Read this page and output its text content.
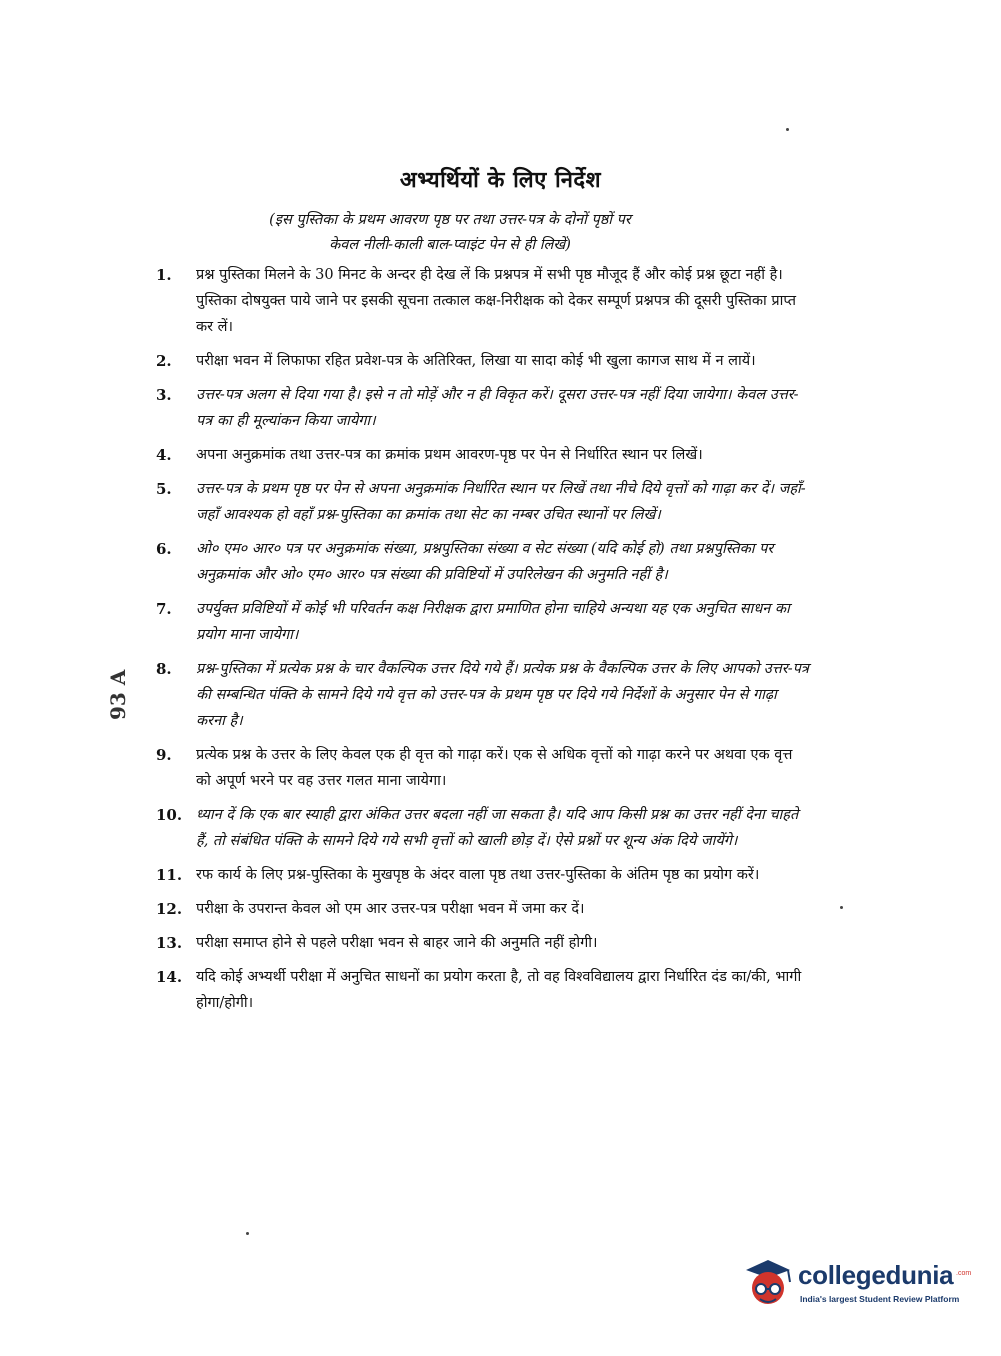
अभ्यर्थियों के लिए निर्देश
(इस पुस्तिका के प्रथम आवरण पृष्ठ पर तथा उत्तर-पत्र के दोनों पृष्ठों पर
केवल नीली-काली बाल-प्वाइंट पेन से ही लिखें)
93 A
1.	प्रश्न पुस्तिका मिलने के 30 मिनट के अन्दर ही देख लें कि प्रश्नपत्र में सभी पृष्ठ मौजूद हैं और कोई प्रश्न छूटा नहीं है। पुस्तिका दोषयुक्त पाये जाने पर इसकी सूचना तत्काल कक्ष-निरीक्षक को देकर सम्पूर्ण प्रश्नपत्र की दूसरी पुस्तिका प्राप्त कर लें।
2.	परीक्षा भवन में लिफाफा रहित प्रवेश-पत्र के अतिरिक्त, लिखा या सादा कोई भी खुला कागज साथ में न लायें।
3.	उत्तर-पत्र अलग से दिया गया है। इसे न तो मोड़ें और न ही विकृत करें। दूसरा उत्तर-पत्र नहीं दिया जायेगा। केवल उत्तर-पत्र का ही मूल्यांकन किया जायेगा।
4.	अपना अनुक्रमांक तथा उत्तर-पत्र का क्रमांक प्रथम आवरण-पृष्ठ पर पेन से निर्धारित स्थान पर लिखें।
5.	उत्तर-पत्र के प्रथम पृष्ठ पर पेन से अपना अनुक्रमांक निर्धारित स्थान पर लिखें तथा नीचे दिये वृत्तों को गाढ़ा कर दें। जहाँ-जहाँ आवश्यक हो वहाँ प्रश्न-पुस्तिका का क्रमांक तथा सेट का नम्बर उचित स्थानों पर लिखें।
6.	ओ० एम० आर० पत्र पर अनुक्रमांक संख्या, प्रश्नपुस्तिका संख्या व सेट संख्या (यदि कोई हो) तथा प्रश्नपुस्तिका पर अनुक्रमांक और ओ० एम० आर० पत्र संख्या की प्रविष्टियों में उपरिलेखन की अनुमति नहीं है।
7.	उपर्युक्त प्रविष्टियों में कोई भी परिवर्तन कक्ष निरीक्षक द्वारा प्रमाणित होना चाहिये अन्यथा यह एक अनुचित साधन का प्रयोग माना जायेगा।
8.	प्रश्न-पुस्तिका में प्रत्येक प्रश्न के चार वैकल्पिक उत्तर दिये गये हैं। प्रत्येक प्रश्न के वैकल्पिक उत्तर के लिए आपको उत्तर-पत्र की सम्बन्धित पंक्ति के सामने दिये गये वृत्त को उत्तर-पत्र के प्रथम पृष्ठ पर दिये गये निर्देशों के अनुसार पेन से गाढ़ा करना है।
9.	प्रत्येक प्रश्न के उत्तर के लिए केवल एक ही वृत्त को गाढ़ा करें। एक से अधिक वृत्तों को गाढ़ा करने पर अथवा एक वृत्त को अपूर्ण भरने पर वह उत्तर गलत माना जायेगा।
10. ध्यान दें कि एक बार स्याही द्वारा अंकित उत्तर बदला नहीं जा सकता है। यदि आप किसी प्रश्न का उत्तर नहीं देना चाहते हैं, तो संबंधित पंक्ति के सामने दिये गये सभी वृत्तों को खाली छोड़ दें। ऐसे प्रश्नों पर शून्य अंक दिये जायेंगे।
11. रफ कार्य के लिए प्रश्न-पुस्तिका के मुखपृष्ठ के अंदर वाला पृष्ठ तथा उत्तर-पुस्तिका के अंतिम पृष्ठ का प्रयोग करें।
12. परीक्षा के उपरान्त केवल ओ एम आर उत्तर-पत्र परीक्षा भवन में जमा कर दें।
13. परीक्षा समाप्त होने से पहले परीक्षा भवन से बाहर जाने की अनुमति नहीं होगी।
14. यदि कोई अभ्यर्थी परीक्षा में अनुचित साधनों का प्रयोग करता है, तो वह विश्वविद्यालय द्वारा निर्धारित दंड का/की, भागी होगा/होगी।
collegedunia .com
India's largest Student Review Platform
